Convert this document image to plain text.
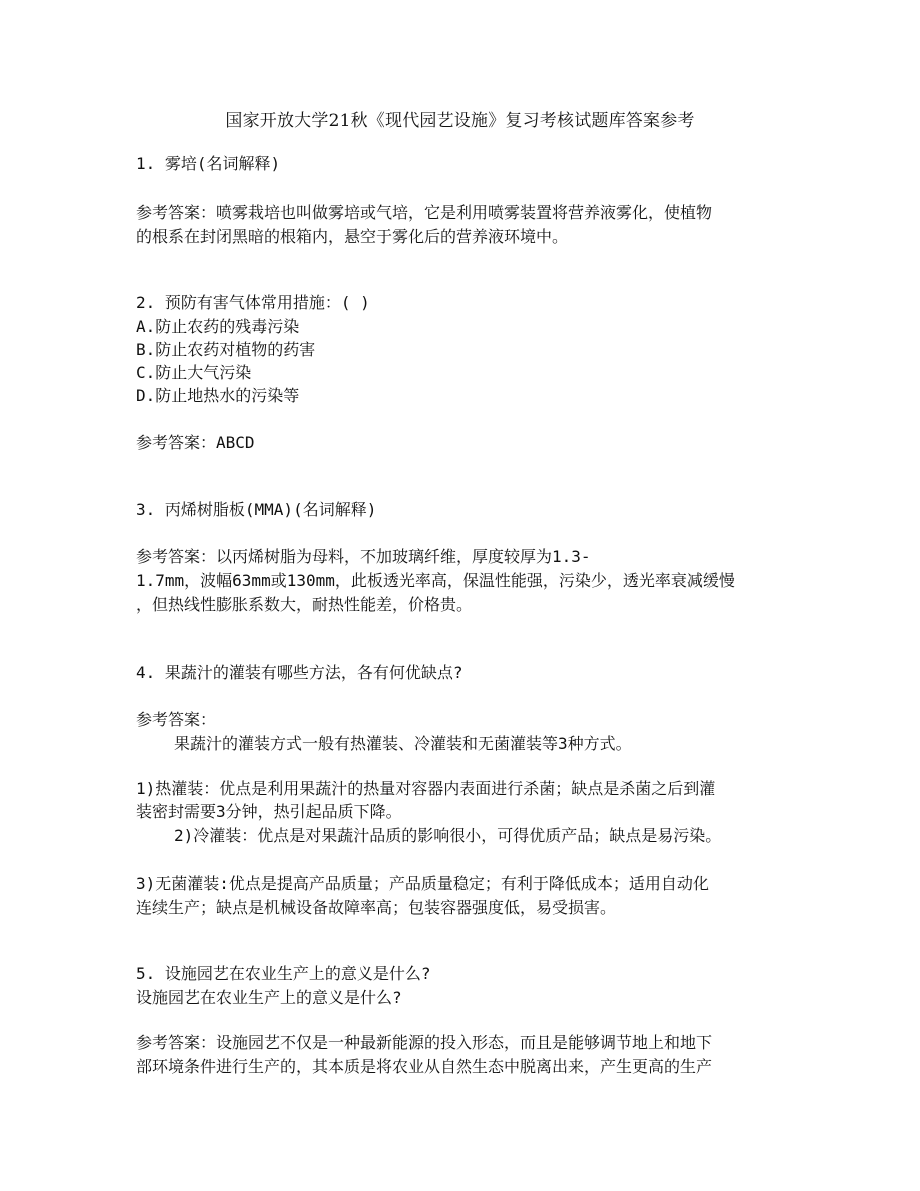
国家开放大学21秋《现代园艺设施》复习考核试题库答案参考
1. 雾培(名词解释)
参考答案：喷雾栽培也叫做雾培或气培，它是利用喷雾装置将营养液雾化，使植物
的根系在封闭黑暗的根箱内，悬空于雾化后的营养液环境中。
2. 预防有害气体常用措施：( )
A.防止农药的残毒污染
B.防止农药对植物的药害
C.防止大气污染
D.防止地热水的污染等
参考答案：ABCD
3. 丙烯树脂板(MMA)(名词解释)
参考答案：以丙烯树脂为母料，不加玻璃纤维，厚度较厚为1.3-
1.7mm，波幅63mm或130mm，此板透光率高，保温性能强，污染少，透光率衰减缓慢
，但热线性膨胀系数大，耐热性能差，价格贵。
4. 果蔬汁的灌装有哪些方法，各有何优缺点?
参考答案：
果蔬汁的灌装方式一般有热灌装、冷灌装和无菌灌装等3种方式。
1)热灌装：优点是利用果蔬汁的热量对容器内表面进行杀菌；缺点是杀菌之后到灌
装密封需要3分钟，热引起品质下降。
2)冷灌装：优点是对果蔬汁品质的影响很小，可得优质产品；缺点是易污染。
3)无菌灌装:优点是提高产品质量；产品质量稳定；有利于降低成本；适用自动化
连续生产；缺点是机械设备故障率高；包装容器强度低，易受损害。
5. 设施园艺在农业生产上的意义是什么?
设施园艺在农业生产上的意义是什么?
参考答案：设施园艺不仅是一种最新能源的投入形态，而且是能够调节地上和地下
部环境条件进行生产的，其本质是将农业从自然生态中脱离出来，产生更高的生产
